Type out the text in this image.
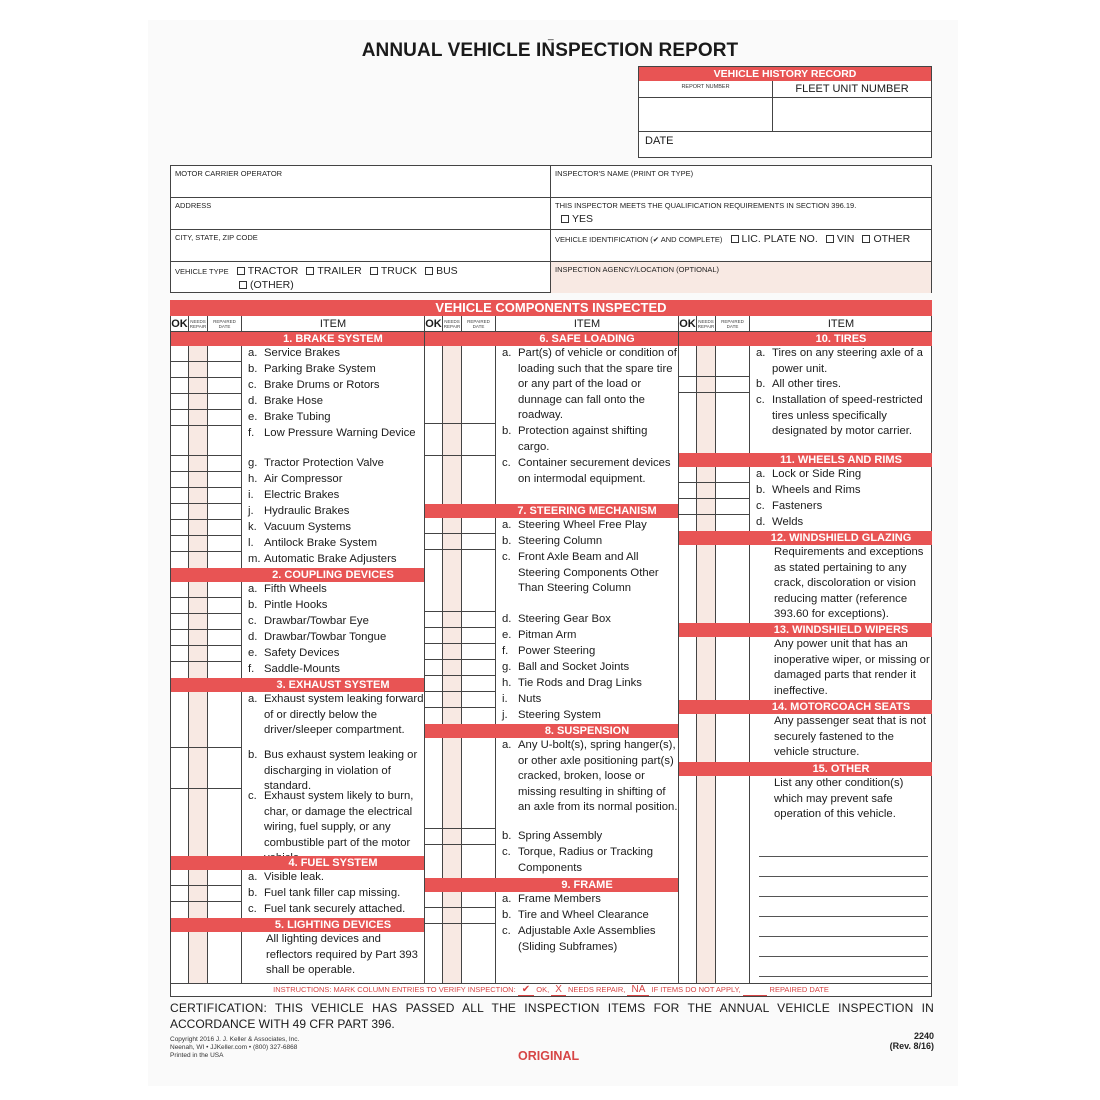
_
ANNUAL VEHICLE INSPECTION REPORT
VEHICLE HISTORY RECORD
REPORT NUMBER	FLEET UNIT NUMBER
DATE
MOTOR CARRIER OPERATOR
ADDRESS
CITY, STATE, ZIP CODE
VEHICLE TYPE TRACTOR TRAILER TRUCK BUS
(OTHER)
INSPECTOR'S NAME (PRINT OR TYPE)
THIS INSPECTOR MEETS THE QUALIFICATION REQUIREMENTS IN SECTION 396.19.
YES
VEHICLE IDENTIFICATION (✔ AND COMPLETE) LIC. PLATE NO. VIN OTHER
INSPECTION AGENCY/LOCATION (OPTIONAL)
VEHICLE COMPONENTS INSPECTED
OK NEEDS REPAIR
REPAIRED DATE	ITEM
1. BRAKE SYSTEM
a. Service Brakes
b. Parking Brake System
c. Brake Drums or Rotors
d. Brake Hose
e. Brake Tubing
f. Low Pressure Warning Device
g. Tractor Protection Valve
h. Air Compressor
i. Electric Brakes
j. Hydraulic Brakes
k. Vacuum Systems
l. Antilock Brake System
m. Automatic Brake Adjusters
2. COUPLING DEVICES
a. Fifth Wheels
b. Pintle Hooks
c. Drawbar/Towbar Eye
d. Drawbar/Towbar Tongue
e. Safety Devices
f. Saddle-Mounts
3. EXHAUST SYSTEM
a. Exhaust system leaking forward of or directly below the driver/sleeper compartment.
b. Bus exhaust system leaking or discharging in violation of standard.
c. Exhaust system likely to burn, char, or damage the electrical wiring, fuel supply, or any combustible part of the motor
4. FUEL SYSTEM
a. Visible leak.
b. Fuel tank filler cap missing.
c. Fuel tank securely attached.
5. LIGHTING DEVICES
All lighting devices and reflectors required by Part 393 shall be operable.
OK NEEDS REPAIR
REPAIRED DATE	ITEM
6. SAFE LOADING
a. Part(s) of vehicle or condition of loading such that the spare tire or any part of the load or dunnage can fall onto the roadway.
b. Protection against shifting cargo.
c. Container securement devices on intermodal equipment.
7. STEERING MECHANISM
a. Steering Wheel Free Play
b. Steering Column
c. Front Axle Beam and All Steering Components Other Than Steering Column
d. Steering Gear Box
e. Pitman Arm
f. Power Steering
g. Ball and Socket Joints
h. Tie Rods and Drag Links
i. Nuts
j. Steering System
8. SUSPENSION
a. Any U-bolt(s), spring hanger(s), or other axle positioning part(s) cracked, broken, loose or missing resulting in shifting of an axle from its normal position.
b. Spring Assembly
c. Torque, Radius or Tracking Components
9. FRAME
a. Frame Members
b. Tire and Wheel Clearance
c. Adjustable Axle Assemblies (Sliding Subframes)
OK NEEDS REPAIR
REPAIRED DATE	ITEM
10. TIRES
a. Tires on any steering axle of a power unit.
b. All other tires.
c. Installation of speed-restricted tires unless specifically designated by motor carrier.
11. WHEELS AND RIMS
a. Lock or Side Ring
b. Wheels and Rims
c. Fasteners
d. Welds
12. WINDSHIELD GLAZING
Requirements and exceptions as stated pertaining to any crack, discoloration or vision reducing matter (reference 393.60 for exceptions).
13. WINDSHIELD WIPERS
Any power unit that has an inoperative wiper, or missing or damaged parts that render it ineffective.
14. MOTORCOACH SEATS
Any passenger seat that is not securely fastened to the vehicle structure.
15. OTHER
List any other condition(s) which may prevent safe operation of this vehicle.
INSTRUCTIONS: MARK COLUMN ENTRIES TO VERIFY INSPECTION: ✔ OK, X NEEDS REPAIR, NA IF ITEMS DO NOT APPLY,	REPAIRED DATE
CERTIFICATION: THIS VEHICLE HAS PASSED ALL THE INSPECTION ITEMS FOR THE ANNUAL VEHICLE INSPECTION IN
ACCORDANCE WITH 49 CFR PART 396.
Copyright 2016 J. J. Keller & Associates, Inc.
Neenah, WI • JJKeller.com • (800) 327-6868
Printed in the USA	ORIGINAL
2240
(Rev. 8/16)
